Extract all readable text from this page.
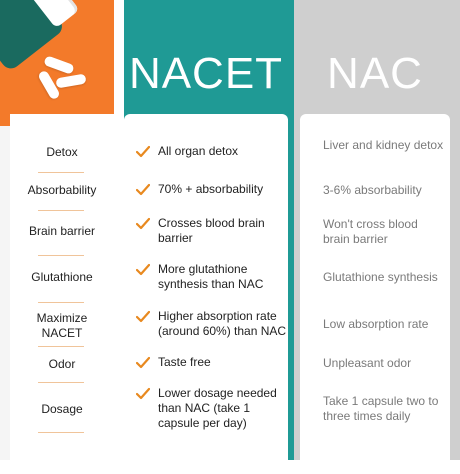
NACET NAC
Detox
Absorbability
Brain barrier
Glutathione
Maximize NACET
Odor
Dosage
All organ detox
70% + absorbability
Crosses blood brain barrier
More glutathione synthesis than NAC
Higher absorption rate (around 60%) than NAC
Taste free
Lower dosage needed than NAC (take 1 capsule per day)
Liver and kidney detox
3-6% absorbability
Won't cross blood brain barrier
Glutathione synthesis
Low absorption rate
Unpleasant odor
Take 1 capsule two to three times daily
